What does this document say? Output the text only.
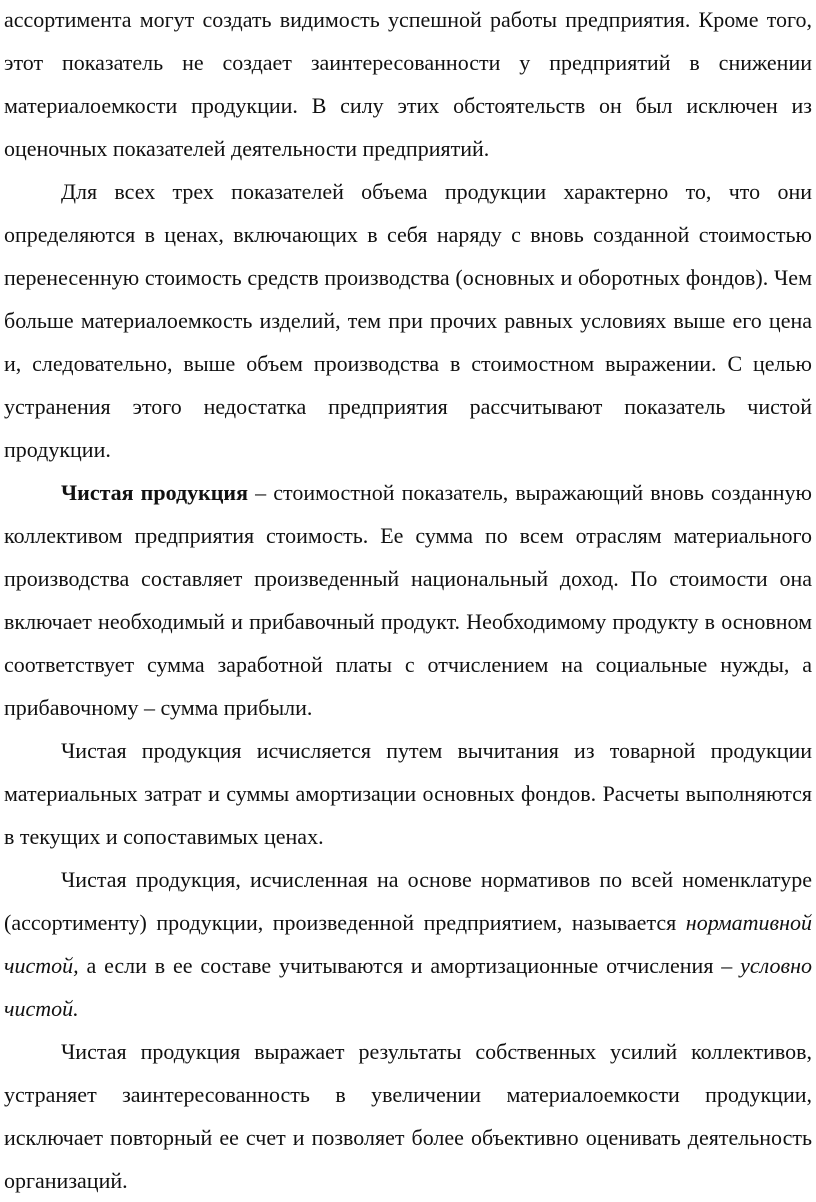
ассортимента могут создать видимость успешной работы предприятия. Кроме того, этот показатель не создает заинтересованности у предприятий в снижении материалоемкости продукции. В силу этих обстоятельств он был исключен из оценочных показателей деятельности предприятий.

Для всех трех показателей объема продукции характерно то, что они определяются в ценах, включающих в себя наряду с вновь созданной стоимостью перенесенную стоимость средств производства (основных и оборотных фондов). Чем больше материалоемкость изделий, тем при прочих равных условиях выше его цена и, следовательно, выше объем производства в стоимостном выражении. С целью устранения этого недостатка предприятия рассчитывают показатель чистой продукции.

Чистая продукция – стоимостной показатель, выражающий вновь созданную коллективом предприятия стоимость. Ее сумма по всем отраслям материального производства составляет произведенный национальный доход. По стоимости она включает необходимый и прибавочный продукт. Необходимому продукту в основном соответствует сумма заработной платы с отчислением на социальные нужды, а прибавочному – сумма прибыли.

Чистая продукция исчисляется путем вычитания из товарной продукции материальных затрат и суммы амортизации основных фондов. Расчеты выполняются в текущих и сопоставимых ценах.

Чистая продукция, исчисленная на основе нормативов по всей номенклатуре (ассортименту) продукции, произведенной предприятием, называется нормативной чистой, а если в ее составе учитываются и амортизационные отчисления – условно чистой.

Чистая продукция выражает результаты собственных усилий коллективов, устраняет заинтересованность в увеличении материалоемкости продукции, исключает повторный ее счет и позволяет более объективно оценивать деятельность организаций.
